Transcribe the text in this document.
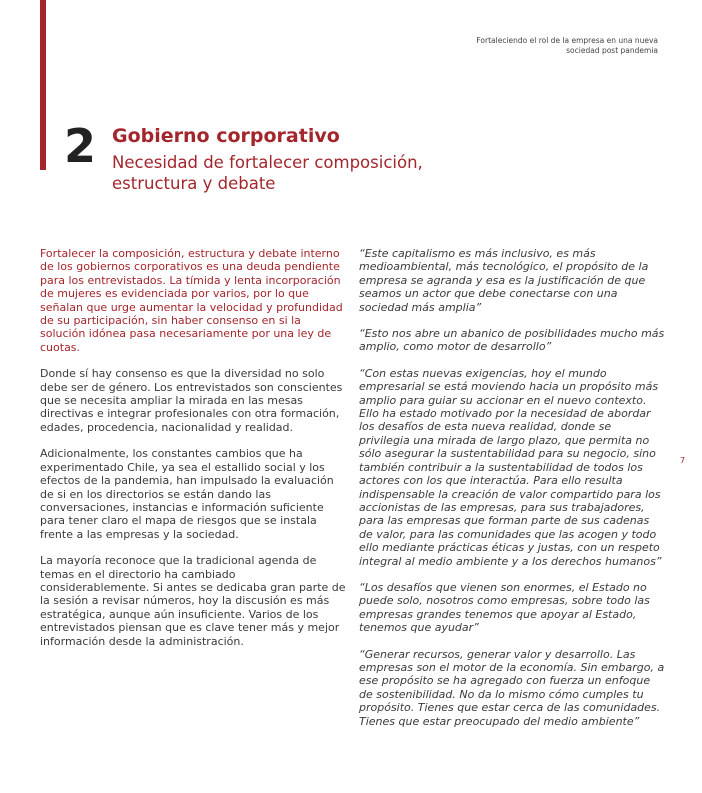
Fortaleciendo el rol de la empresa en una nueva sociedad post pandemia
2 Gobierno corporativo
Necesidad de fortalecer composición, estructura y debate

Fortalecer la composición, estructura y debate interno de los gobiernos corporativos es una deuda pendiente para los entrevistados. La tímida y lenta incorporación de mujeres es evidenciada por varios, por lo que señalan que urge aumentar la velocidad y profundidad de su participación, sin haber consenso en si la solución idónea pasa necesariamente por una ley de cuotas.

Donde sí hay consenso es que la diversidad no solo debe ser de género. Los entrevistados son conscientes que se necesita ampliar la mirada en las mesas directivas e integrar profesionales con otra formación, edades, procedencia, nacionalidad y realidad.

Adicionalmente, los constantes cambios que ha experimentado Chile, ya sea el estallido social y los efectos de la pandemia, han impulsado la evaluación de si en los directorios se están dando las conversaciones, instancias e información suficiente para tener claro el mapa de riesgos que se instala frente a las empresas y la sociedad.

La mayoría reconoce que la tradicional agenda de temas en el directorio ha cambiado considerablemente. Si antes se dedicaba gran parte de la sesión a revisar números, hoy la discusión es más estratégica, aunque aún insuficiente. Varios de los entrevistados piensan que es clave tener más y mejor información desde la administración.

“Este capitalismo es más inclusivo, es más medioambiental, más tecnológico, el propósito de la empresa se agranda y esa es la justificación de que seamos un actor que debe conectarse con una sociedad más amplia”

“Esto nos abre un abanico de posibilidades mucho más amplio, como motor de desarrollo”

“Con estas nuevas exigencias, hoy el mundo empresarial se está moviendo hacia un propósito más amplio para guiar su accionar en el nuevo contexto. Ello ha estado motivado por la necesidad de abordar los desafíos de esta nueva realidad, donde se privilegia una mirada de largo plazo, que permita no sólo asegurar la sustentabilidad para su negocio, sino también contribuir a la sustentabilidad de todos los actores con los que interactúa. Para ello resulta indispensable la creación de valor compartido para los accionistas de las empresas, para sus trabajadores, para las empresas que forman parte de sus cadenas de valor, para las comunidades que las acogen y todo ello mediante prácticas éticas y justas, con un respeto integral al medio ambiente y a los derechos humanos”

“Los desafíos que vienen son enormes, el Estado no puede solo, nosotros como empresas, sobre todo las empresas grandes tenemos que apoyar al Estado, tenemos que ayudar”

“Generar recursos, generar valor y desarrollo. Las empresas son el motor de la economía. Sin embargo, a ese propósito se ha agregado con fuerza un enfoque de sostenibilidad. No da lo mismo cómo cumples tu propósito. Tienes que estar cerca de las comunidades. Tienes que estar preocupado del medio ambiente”

7
